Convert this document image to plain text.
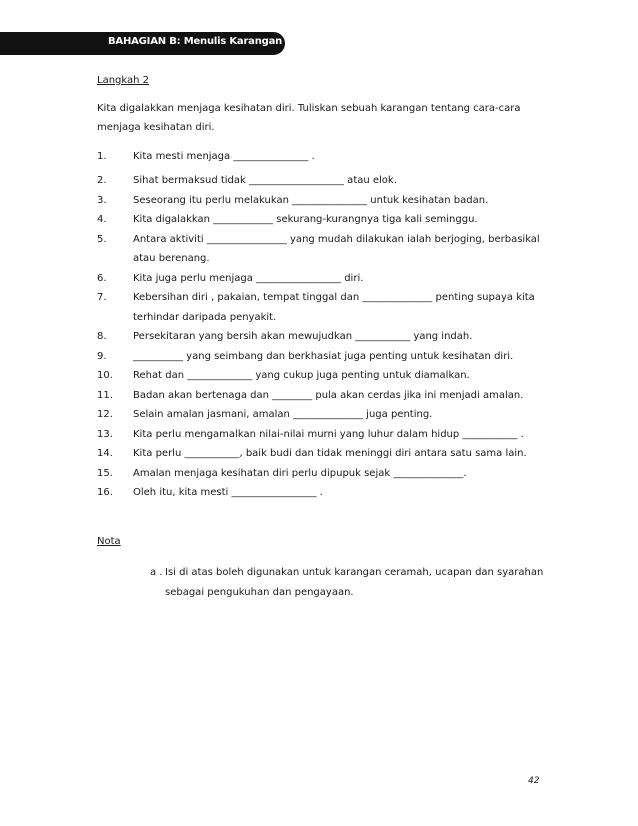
BAHAGIAN B: Menulis Karangan

Langkah 2

Kita digalakkan menjaga kesihatan diri. Tuliskan sebuah karangan tentang cara-cara menjaga kesihatan diri.

1.	Kita mesti menjaga _______________ .
2.	Sihat bermaksud tidak ___________________ atau elok.
3.	Seseorang itu perlu melakukan _______________ untuk kesihatan badan.
4.	Kita digalakkan ____________ sekurang-kurangnya tiga kali seminggu.
5.	Antara aktiviti ________________ yang mudah dilakukan ialah berjoging, berbasikal atau berenang.
6.	Kita juga perlu menjaga _________________ diri.
7.	Kebersihan diri , pakaian, tempat tinggal dan ______________ penting supaya kita terhindar daripada penyakit.
8.	Persekitaran yang bersih akan mewujudkan ___________ yang indah.
9.	__________ yang seimbang dan berkhasiat juga penting untuk kesihatan diri.
10. Rehat dan _____________ yang cukup juga penting untuk diamalkan.
11. Badan akan bertenaga dan ________ pula akan cerdas jika ini menjadi amalan.
12. Selain amalan jasmani, amalan ______________ juga penting.
13. Kita perlu mengamalkan nilai-nilai murni yang luhur dalam hidup ___________ .
14. Kita perlu ___________, baik budi dan tidak meninggi diri antara satu sama lain.
15. Amalan menjaga kesihatan diri perlu dipupuk sejak ______________.
16. Oleh itu, kita mesti _________________ .

Nota

a . Isi di atas boleh digunakan untuk karangan ceramah, ucapan dan syarahan sebagai pengukuhan dan pengayaan.
42
